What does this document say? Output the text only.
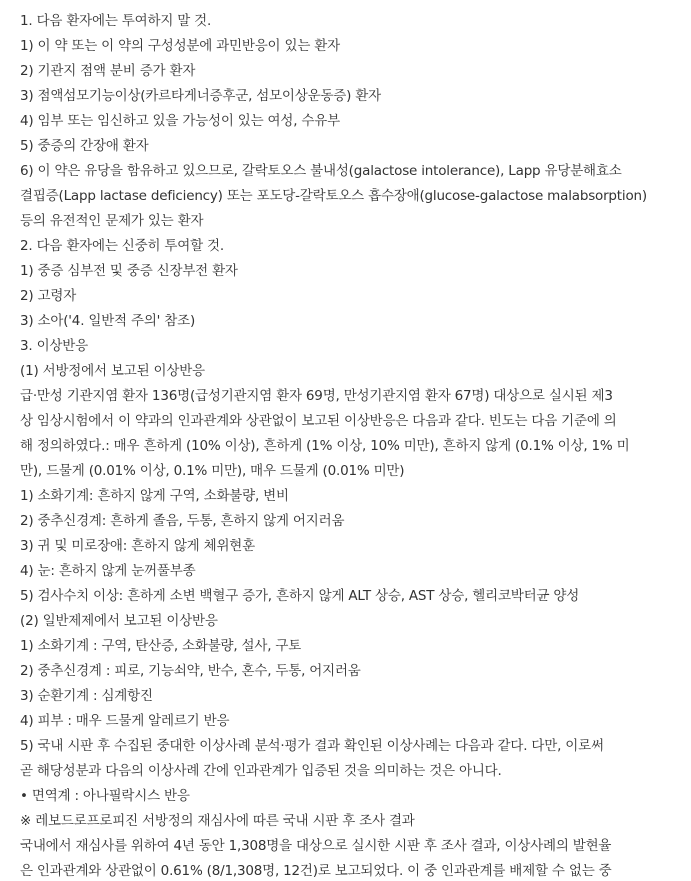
1. 다음 환자에는 투여하지 말 것.
1) 이 약 또는 이 약의 구성성분에 과민반응이 있는 환자
2) 기관지 점액 분비 증가 환자
3) 점액섬모기능이상(카르타게너증후군, 섬모이상운동증) 환자
4) 임부 또는 임신하고 있을 가능성이 있는 여성, 수유부
5) 중증의 간장애 환자
6) 이 약은 유당을 함유하고 있으므로, 갈락토오스 불내성(galactose intolerance), Lapp 유당분해효소
결핍증(Lapp lactase deficiency) 또는 포도당-갈락토오스 흡수장애(glucose-galactose malabsorption)
등의 유전적인 문제가 있는 환자
2. 다음 환자에는 신중히 투여할 것.
1) 중증 심부전 및 중증 신장부전 환자
2) 고령자
3) 소아('4. 일반적 주의' 참조)
3. 이상반응
(1) 서방정에서 보고된 이상반응
급·만성 기관지염 환자 136명(급성기관지염 환자 69명, 만성기관지염 환자 67명) 대상으로 실시된 제3
상 임상시험에서 이 약과의 인과관계와 상관없이 보고된 이상반응은 다음과 같다. 빈도는 다음 기준에 의
해 정의하였다.: 매우 흔하게 (10% 이상), 흔하게 (1% 이상, 10% 미만), 흔하지 않게 (0.1% 이상, 1% 미
만), 드물게 (0.01% 이상, 0.1% 미만), 매우 드물게 (0.01% 미만)
1) 소화기계: 흔하지 않게 구역, 소화불량, 변비
2) 중추신경계: 흔하게 졸음, 두통, 흔하지 않게 어지러움
3) 귀 및 미로장애: 흔하지 않게 체위현훈
4) 눈: 흔하지 않게 눈꺼풀부종
5) 검사수치 이상: 흔하게 소변 백혈구 증가, 흔하지 않게 ALT 상승, AST 상승, 헬리코박터균 양성
(2) 일반제제에서 보고된 이상반응
1) 소화기계 : 구역, 탄산증, 소화불량, 설사, 구토
2) 중추신경계 : 피로, 기능쇠약, 반수, 혼수, 두통, 어지러움
3) 순환기계 : 심계항진
4) 피부 : 매우 드물게 알레르기 반응
5) 국내 시판 후 수집된 중대한 이상사례 분석·평가 결과 확인된 이상사례는 다음과 같다. 다만, 이로써
곧 해당성분과 다음의 이상사례 간에 인과관계가 입증된 것을 의미하는 것은 아니다.
• 면역계 : 아나필락시스 반응
※ 레보드로프로피진 서방정의 재심사에 따른 국내 시판 후 조사 결과
국내에서 재심사를 위하여 4년 동안 1,308명을 대상으로 실시한 시판 후 조사 결과, 이상사례의 발현율
은 인과관계와 상관없이 0.61% (8/1,308명, 12건)로 보고되었다. 이 중 인과관계를 배제할 수 없는 중
